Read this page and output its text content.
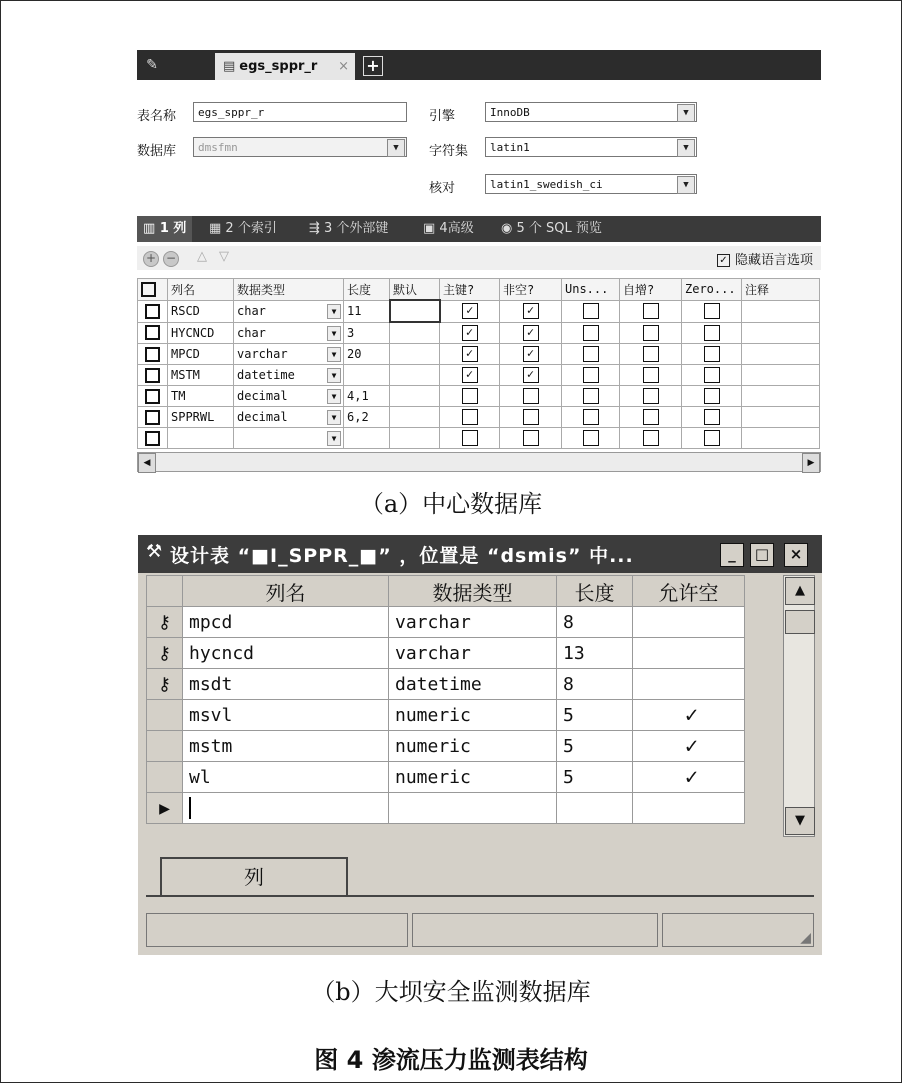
✎	▤ egs_sppr_r × +
表名称	egs_sppr_r
数据库	dmsfmn	▼
引擎	InnoDB	▼
字符集	latin1	▼
核对	latin1_swedish_ci	▼
▥ 1 列	▦ 2 个索引 ⇶ 3 个外部键	▣ 4高级 ◉ 5 个 SQL 预览
+ − △ ▽	✓ 隐藏语言选项
	列名	数据类型	长度	默认	主键?	非空?	Uns...	自增?	Zero...	注释
	RSCD	char ▼	11		✓	✓				

	HYCNCD	char ▼	3		✓	✓				

	MPCD	varchar ▼	20		✓	✓				

	MSTM	datetime ▼			✓	✓				

	TM	decimal ▼	4,1		

	SPPRWL	decimal ▼	6,2		

		▼								

◀	▶
（a）中心数据库
⚒ 设计表 “■I_SPPR_■” ，位置是 “dsmis” 中...	_	□	×
	列名	数据类型	长度	允许空
⚷	mpcd	varchar	8	
⚷	hycncd	varchar	13	
⚷	msdt	datetime	8	
	msvl	numeric	5	✓
	mstm	numeric	5	✓
	wl	numeric	5	✓
▶				
▲
▼
列
◢
（b）大坝安全监测数据库
图 4 渗流压力监测表结构
